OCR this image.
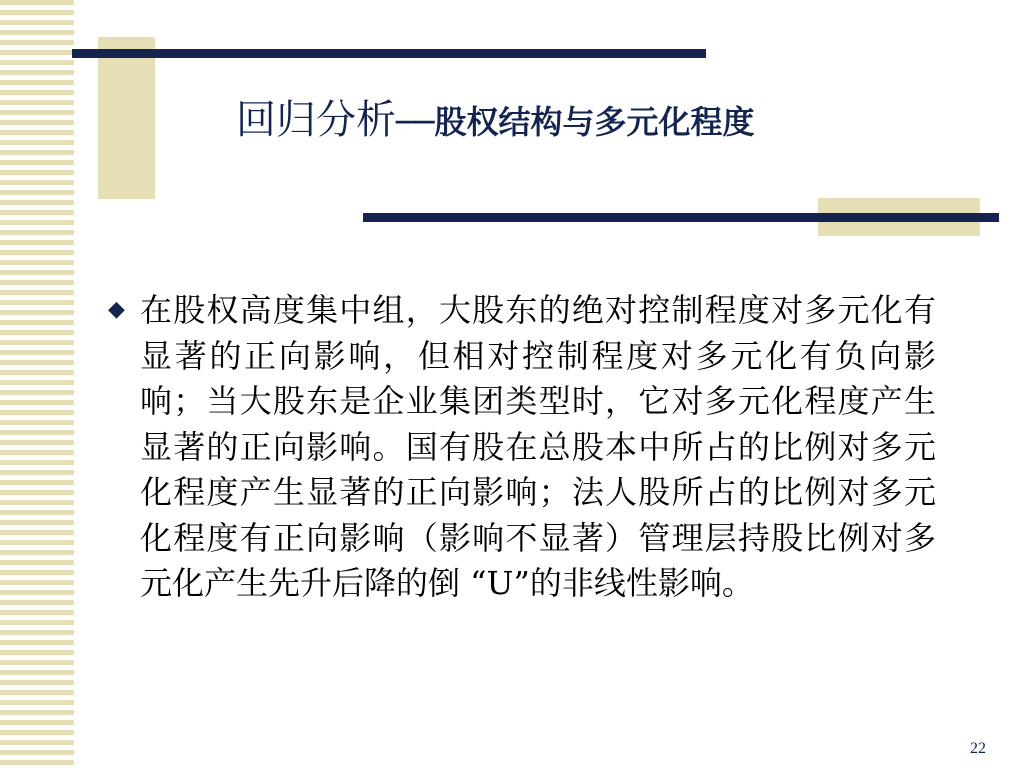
回归分析──股权结构与多元化程度
◆ 在股权高度集中组，大股东的绝对控制程度对多元化有显著的正向影响，但相对控制程度对多元化有负向影响；当大股东是企业集团类型时，它对多元化程度产生显著的正向影响。国有股在总股本中所占的比例对多元化程度产生显著的正向影响；法人股所占的比例对多元化程度有正向影响（影响不显著）管理层持股比例对多元化产生先升后降的倒 “U”的非线性影响。
22
